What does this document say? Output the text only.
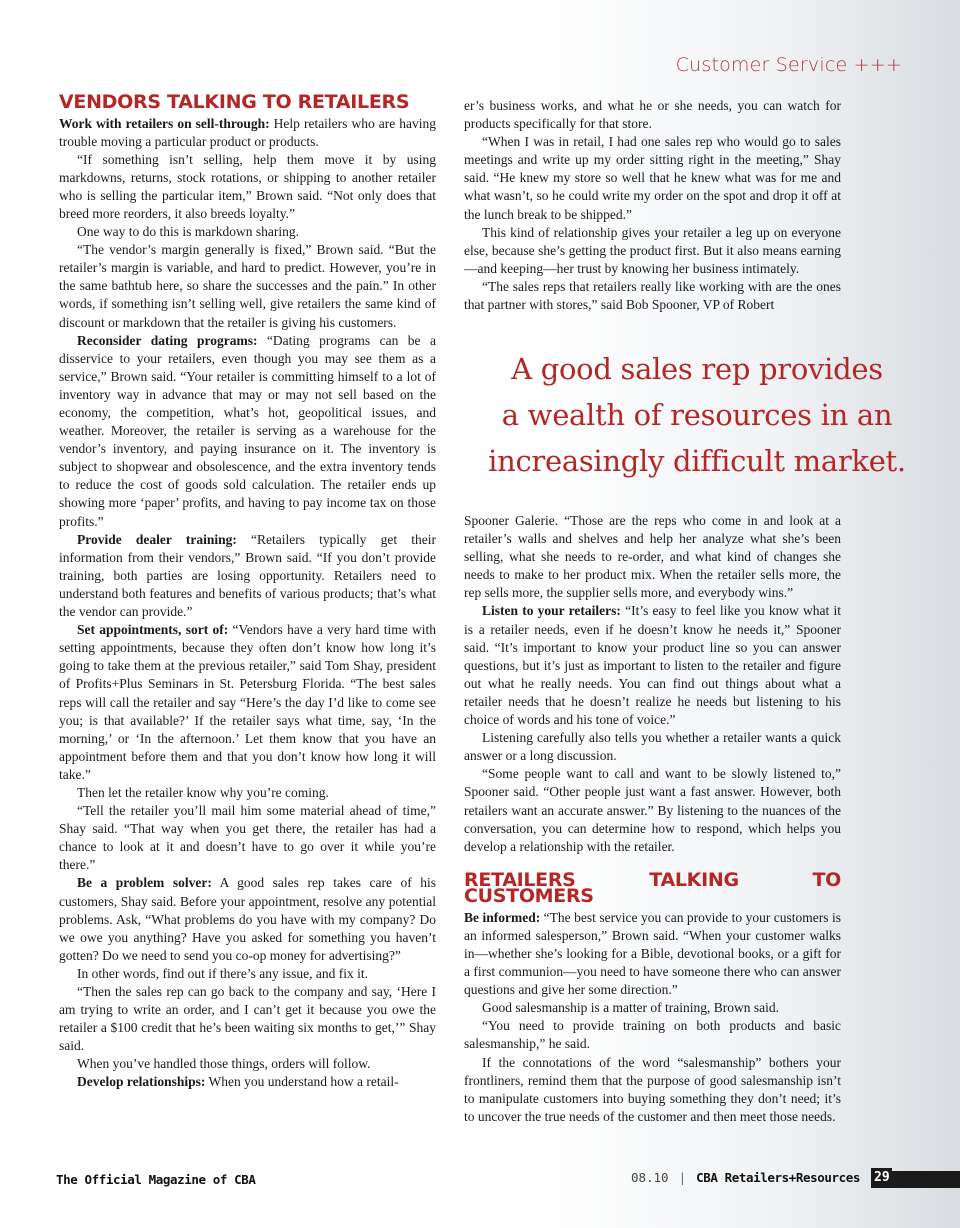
Customer Service +++
VENDORS TALKING TO RETAILERS

Work with retailers on sell-through: Help retailers who are having trouble moving a particular product or products.

“If something isn’t selling, help them move it by using markdowns, returns, stock rotations, or shipping to another retailer who is selling the particular item,” Brown said. “Not only does that breed more reorders, it also breeds loyalty.”

One way to do this is markdown sharing.

“The vendor’s margin generally is fixed,” Brown said. “But the retailer’s margin is variable, and hard to predict. However, you’re in the same bathtub here, so share the successes and the pain.” In other words, if something isn’t selling well, give retailers the same kind of discount or markdown that the retailer is giving his customers.

Reconsider dating programs: “Dating programs can be a disservice to your retailers, even though you may see them as a service,” Brown said. “Your retailer is committing himself to a lot of inventory way in advance that may or may not sell based on the economy, the competition, what’s hot, geopolitical issues, and weather. Moreover, the retailer is serving as a warehouse for the vendor’s inventory, and paying insurance on it. The inventory is subject to shopwear and obsolescence, and the extra inventory tends to reduce the cost of goods sold calculation. The retailer ends up showing more ‘paper’ profits, and having to pay income tax on those profits.”

Provide dealer training: “Retailers typically get their information from their vendors,” Brown said. “If you don’t provide training, both parties are losing opportunity. Retailers need to understand both features and benefits of various products; that’s what the vendor can provide.”

Set appointments, sort of: “Vendors have a very hard time with setting appointments, because they often don’t know how long it’s going to take them at the previous retailer,” said Tom Shay, president of Profits+Plus Seminars in St. Petersburg Florida. “The best sales reps will call the retailer and say “Here’s the day I’d like to come see you; is that available?’ If the retailer says what time, say, ‘In the morning,’ or ‘In the afternoon.’ Let them know that you have an appointment before them and that you don’t know how long it will take.”

Then let the retailer know why you’re coming.

“Tell the retailer you’ll mail him some material ahead of time,” Shay said. “That way when you get there, the retailer has had a chance to look at it and doesn’t have to go over it while you’re there.”

Be a problem solver: A good sales rep takes care of his customers, Shay said. Before your appointment, resolve any potential problems. Ask, “What problems do you have with my company? Do we owe you anything? Have you asked for something you haven’t gotten? Do we need to send you co-op money for advertising?”

In other words, find out if there’s any issue, and fix it.

“Then the sales rep can go back to the company and say, ‘Here I am trying to write an order, and I can’t get it because you owe the retailer a $100 credit that he’s been waiting six months to get,’” Shay said.

When you’ve handled those things, orders will follow.

Develop relationships: When you understand how a retail-

er’s business works, and what he or she needs, you can watch for products specifically for that store.

“When I was in retail, I had one sales rep who would go to sales meetings and write up my order sitting right in the meeting,” Shay said. “He knew my store so well that he knew what was for me and what wasn’t, so he could write my order on the spot and drop it off at the lunch break to be shipped.”

This kind of relationship gives your retailer a leg up on everyone else, because she’s getting the product first. But it also means earning—and keeping—her trust by knowing her business intimately.

“The sales reps that retailers really like working with are the ones that partner with stores,” said Bob Spooner, VP of Robert

A good sales rep provides
a wealth of resources in an
increasingly difficult market.

Spooner Galerie. “Those are the reps who come in and look at a retailer’s walls and shelves and help her analyze what she’s been selling, what she needs to re-order, and what kind of changes she needs to make to her product mix. When the retailer sells more, the rep sells more, the supplier sells more, and everybody wins.”

Listen to your retailers: “It’s easy to feel like you know what it is a retailer needs, even if he doesn’t know he needs it,” Spooner said. “It’s important to know your product line so you can answer questions, but it’s just as important to listen to the retailer and figure out what he really needs. You can find out things about what a retailer needs that he doesn’t realize he needs but listening to his choice of words and his tone of voice.”

Listening carefully also tells you whether a retailer wants a quick answer or a long discussion.

“Some people want to call and want to be slowly listened to,” Spooner said. “Other people just want a fast answer. However, both retailers want an accurate answer.” By listening to the nuances of the conversation, you can determine how to respond, which helps you develop a relationship with the retailer.

RETAILERS TALKING TO CUSTOMERS

Be informed: “The best service you can provide to your customers is an informed salesperson,” Brown said. “When your customer walks in—whether she’s looking for a Bible, devotional books, or a gift for a first communion—you need to have someone there who can answer questions and give her some direction.”

Good salesmanship is a matter of training, Brown said.

“You need to provide training on both products and basic salesmanship,” he said.

If the connotations of the word “salesmanship” bothers your frontliners, remind them that the purpose of good salesmanship isn’t to manipulate customers into buying something they don’t need; it’s to uncover the true needs of the customer and then meet those needs.

The Official Magazine of CBA	08.10 | CBA Retailers+Resources 29
